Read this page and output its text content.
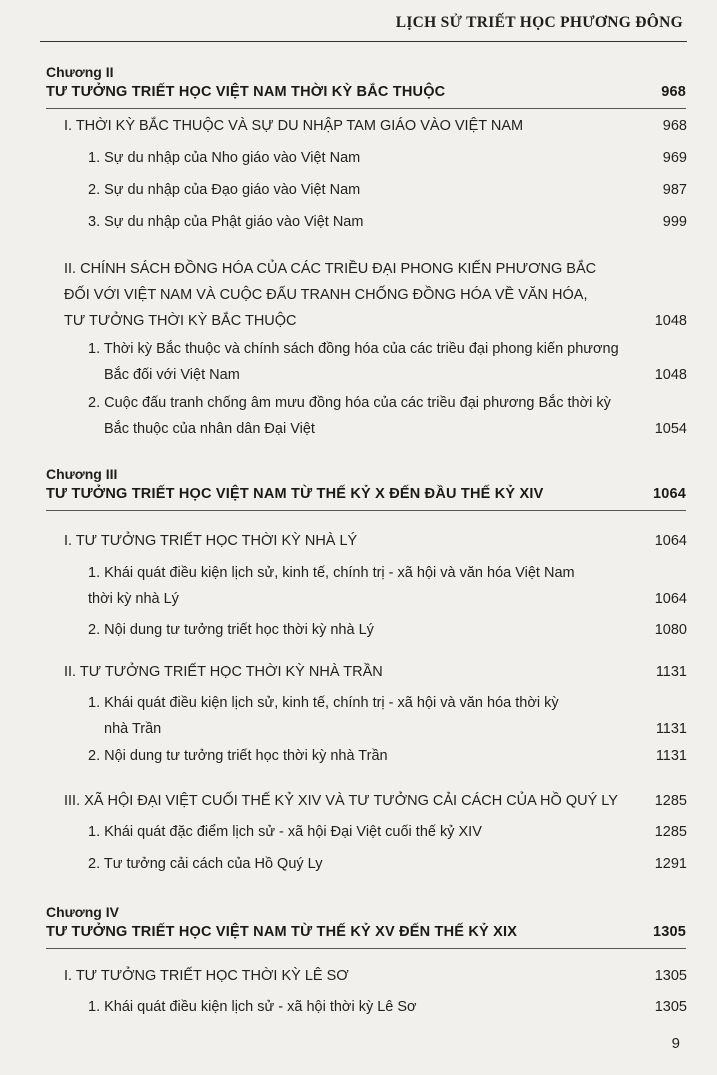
LỊCH SỬ TRIẾT HỌC PHƯƠNG ĐÔNG
Chương II
TƯ TƯỞNG TRIẾT HỌC VIỆT NAM THỜI KỲ BẮC THUỘC	968
I. THỜI KỲ BẮC THUỘC VÀ SỰ DU NHẬP TAM GIÁO VÀO VIỆT NAM	968
1. Sự du nhập của Nho giáo vào Việt Nam	969
2. Sự du nhập của Đạo giáo vào Việt Nam	987
3. Sự du nhập của Phật giáo vào Việt Nam	999
II. CHÍNH SÁCH ĐỒNG HÓA CỦA CÁC TRIỀU ĐẠI PHONG KIẾN PHƯƠNG BẮC
ĐỐI VỚI VIỆT NAM VÀ CUỘC ĐẤU TRANH CHỐNG ĐỒNG HÓA VỀ VĂN HÓA,
TƯ TƯỞNG THỜI KỲ BẮC THUỘC	1048
1. Thời kỳ Bắc thuộc và chính sách đồng hóa của các triều đại phong kiến phương
Bắc đối với Việt Nam	1048
2. Cuộc đấu tranh chống âm mưu đồng hóa của các triều đại phương Bắc thời kỳ
Bắc thuộc của nhân dân Đại Việt	1054
Chương III
TƯ TƯỞNG TRIẾT HỌC VIỆT NAM TỪ THẾ KỶ X ĐẾN ĐẦU THẾ KỶ XIV	1064
I. TƯ TƯỞNG TRIẾT HỌC THỜI KỲ NHÀ LÝ	1064
1. Khái quát điều kiện lịch sử, kinh tế, chính trị - xã hội và văn hóa Việt Nam
thời kỳ nhà Lý	1064
2. Nội dung tư tưởng triết học thời kỳ nhà Lý	1080
II. TƯ TƯỞNG TRIẾT HỌC THỜI KỲ NHÀ TRẦN	1131
1. Khái quát điều kiện lịch sử, kinh tế, chính trị - xã hội và văn hóa thời kỳ
nhà Trần	1131
2. Nội dung tư tưởng triết học thời kỳ nhà Trần	1131
III. XÃ HỘI ĐẠI VIỆT CUỐI THẾ KỶ XIV VÀ TƯ TƯỞNG CẢI CÁCH CỦA HỒ QUÝ LY	1285
1. Khái quát đặc điểm lịch sử - xã hội Đại Việt cuối thế kỷ XIV	1285
2. Tư tưởng cải cách của Hồ Quý Ly	1291
Chương IV
TƯ TƯỞNG TRIẾT HỌC VIỆT NAM TỪ THẾ KỶ XV ĐẾN THẾ KỶ XIX	1305
I. TƯ TƯỞNG TRIẾT HỌC THỜI KỲ LÊ SƠ	1305
1. Khái quát điều kiện lịch sử - xã hội thời kỳ Lê Sơ	1305
9
